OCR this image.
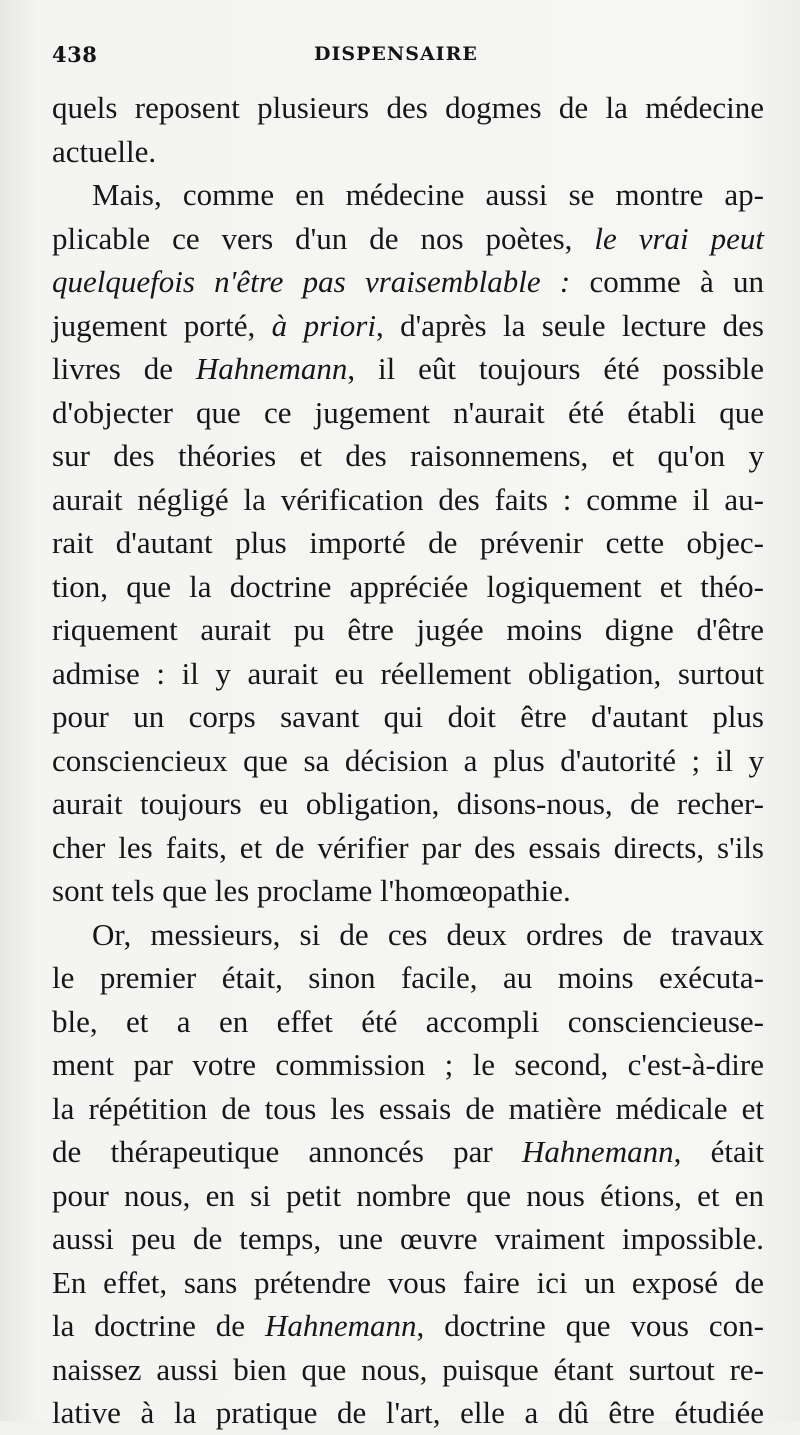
438	DISPENSAIRE
quels reposent plusieurs des dogmes de la médecine
actuelle.
Mais, comme en médecine aussi se montre ap-
plicable ce vers d'un de nos poètes, le vrai peut
quelquefois n'être pas vraisemblable : comme à un
jugement porté, à priori, d'après la seule lecture des
livres de Hahnemann, il eût toujours été possible
d'objecter que ce jugement n'aurait été établi que
sur des théories et des raisonnemens, et qu'on y
aurait négligé la vérification des faits : comme il au-
rait d'autant plus importé de prévenir cette objec-
tion, que la doctrine appréciée logiquement et théo-
riquement aurait pu être jugée moins digne d'être
admise : il y aurait eu réellement obligation, surtout
pour un corps savant qui doit être d'autant plus
consciencieux que sa décision a plus d'autorité ; il y
aurait toujours eu obligation, disons-nous, de recher-
cher les faits, et de vérifier par des essais directs, s'ils
sont tels que les proclame l'homœopathie.
Or, messieurs, si de ces deux ordres de travaux
le premier était, sinon facile, au moins exécuta-
ble, et a en effet été accompli consciencieuse-
ment par votre commission ; le second, c'est-à-dire
la répétition de tous les essais de matière médicale et
de thérapeutique annoncés par Hahnemann, était
pour nous, en si petit nombre que nous étions, et en
aussi peu de temps, une œuvre vraiment impossible.
En effet, sans prétendre vous faire ici un exposé de
la doctrine de Hahnemann, doctrine que vous con-
naissez aussi bien que nous, puisque étant surtout re-
lative à la pratique de l'art, elle a dû être étudiée
